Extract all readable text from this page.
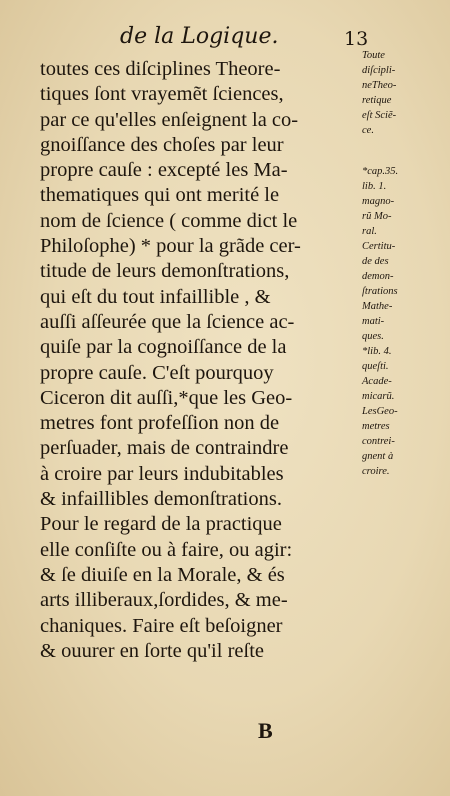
de la Logique.	13
toutes ces diſciplines Theore-
tiques ſont vrayemẽt ſciences,
par ce qu'elles enſeignent la co-
gnoiſſance des choſes par leur
propre cauſe : excepté les Ma-
thematiques qui ont merité le
nom de ſcience ( comme dict le
Philoſophe) * pour la grãde cer-
titude de leurs demonſtrations,
qui eſt du tout infaillible , &
auſſi aſſeurée que la ſcience ac-
quiſe par la cognoiſſance de la
propre cauſe. C'eſt pourquoy
Ciceron dit auſſi,*que les Geo-
metres font profeſſion non de
perſuader, mais de contraindre
à croire par leurs indubitables
& infaillibles demonſtrations.
Pour le regard de la practique
elle conſiſte ou à faire, ou agir:
& ſe diuiſe en la Morale, & és
arts illiberaux,ſordides, & me-
chaniques. Faire eſt beſoigner
& ouurer en ſorte qu'il reſte
Toute
diſcipli-
neTheo-
retique
eſt Sciẽ-
ce.
*cap.35.
lib. 1.
magno-
rũ Mo-
ral.
Certitu-
de des
demon-
ſtrations
Mathe-
mati-
ques.
*lib. 4.
queſti.
Acade-
micarũ.
LesGeo-
metres
contrei-
gnent à
croire.
B
